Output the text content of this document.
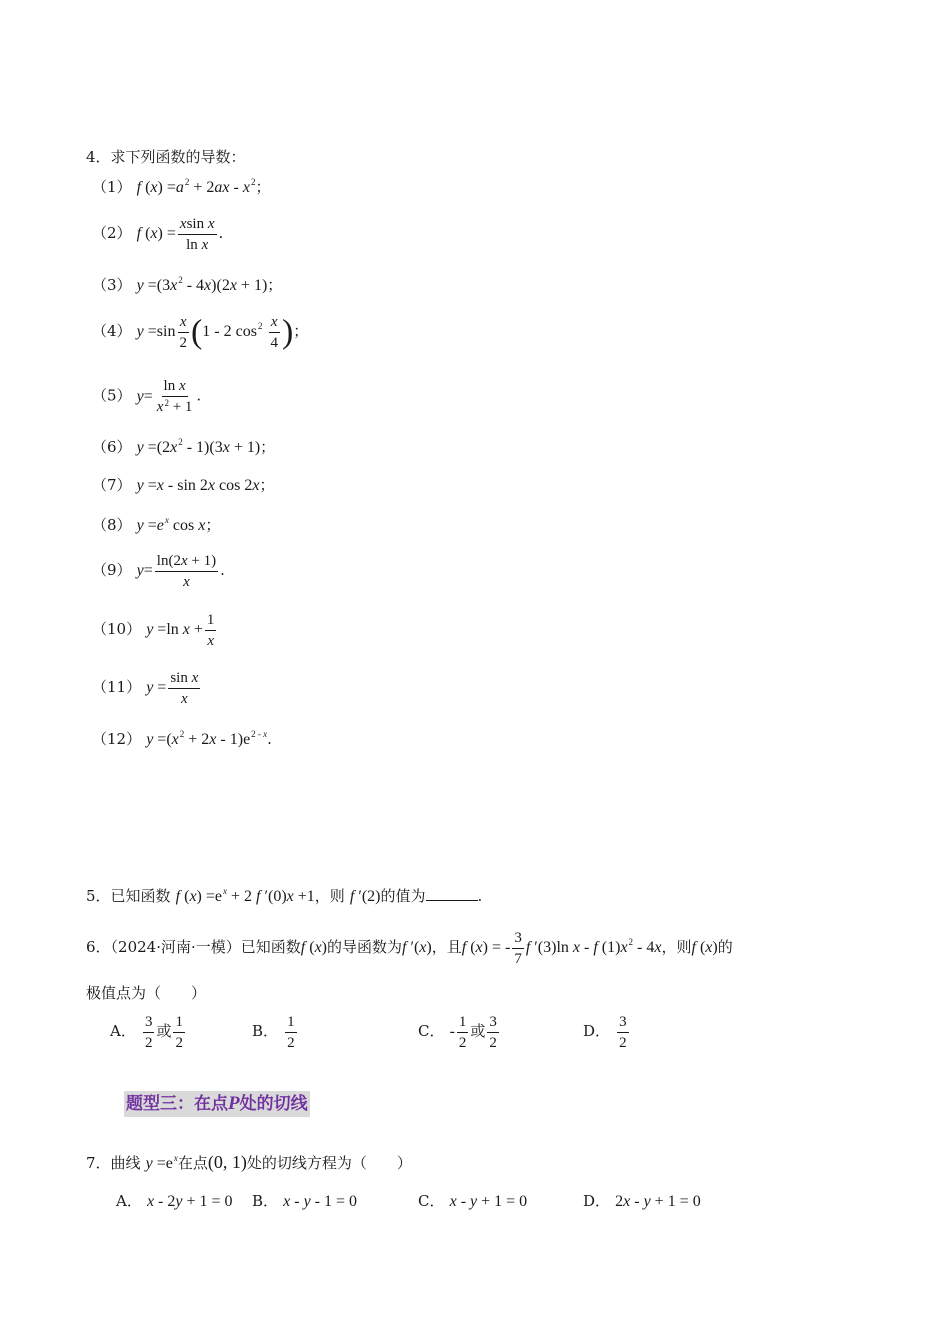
4．求下列函数的导数：
（1） f $(x) =a^2 + 2ax - x^2$；
（2） f $(x) = \frac{\text{xsin x}}{\text{ln x}}$ .
（3） $y =(3x^2 - 4x)(2x + 1)$；
（4） $y =\sin \frac{x}{2} (1 - 2$ $\cos^2 \frac{x}{4}$ )；
（5） $y= \frac{\text{ln x}}{x^2 + 1}$ .
（6） $y =(2x^2 - 1)(3x + 1)$；
（7） y =x - sin 2x cos 2x；
（8） $y =e^x$ cos x；
（9） $y= \frac{\ln(2x + 1)}{x}$ .
（10） y =ln $x + \frac{1}{x}$
（11） $y = \frac{\text{sin x}}{x}$
（12） $y =(x^2 + 2x - 1)e^{2 - x}$.
5．已知函数 f $(x) =e^x + 2$ f ′(0)x +1，则 f ′(2)的值为	.
6．（2024·河南·一模）已知函数f (x)的导函数为f ′(x)，且f (x) = - $\frac{3}{7}$ f ′(3)ln x - f $(1)x^2 - 4x$，则f (x)的
极值点为（　　）
A． $\frac{3}{2}$ 或 $\frac{1}{2}$	B． $\frac{1}{2}$	C． - $\frac{1}{2}$ 或 $\frac{3}{2}$	D． $\frac{3}{2}$
题型三：在点P处的切线
7．曲线 $y =e^x$在点(0, 1)处的切线方程为（　　）
A． x - 2y + 1 = 0 B． x - y - 1 = 0	C． x - y + 1 = 0	D． 2x - y + 1 = 0
